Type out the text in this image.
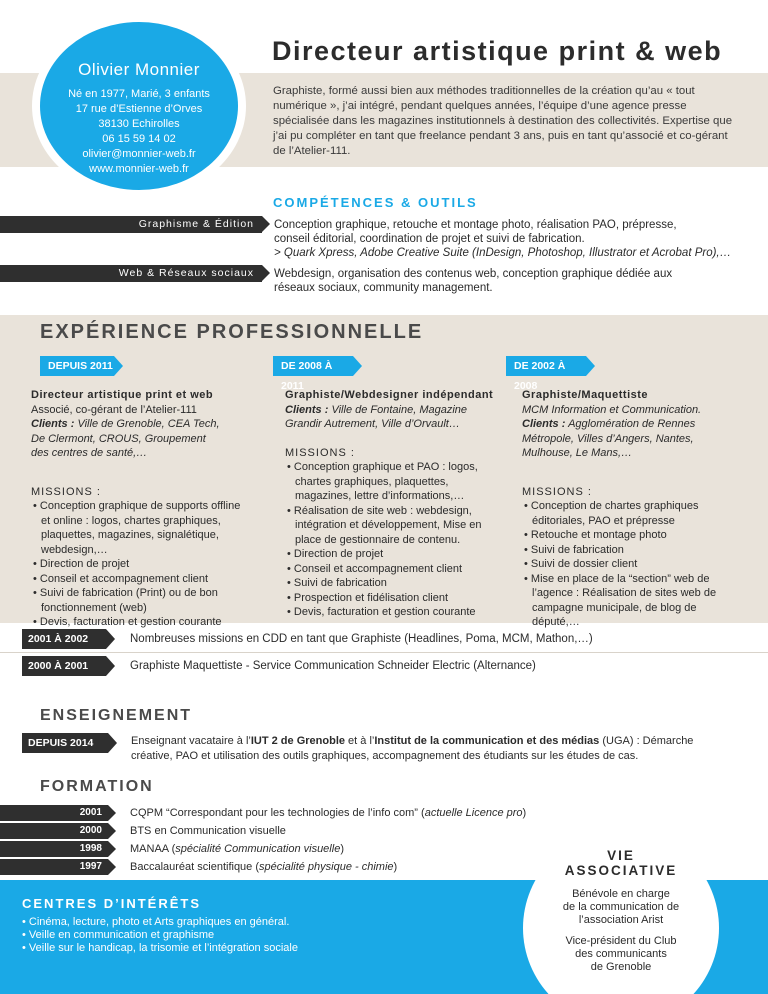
Directeur artistique print & web
Graphiste, formé aussi bien aux méthodes traditionnelles de la création qu’au « tout numérique », j’ai intégré, pendant quelques années, l’équipe d’une agence presse spécialisée dans les magazines institutionnels à destination des collectivités. Expertise que j’ai pu compléter en tant que freelance pendant 3 ans, puis en tant qu’associé et co-gérant de l’Atelier-111.
Olivier Monnier
Né en 1977, Marié, 3 enfants
17 rue d’Estienne d’Orves
38130 Echirolles
06 15 59 14 02
olivier@monnier-web.fr
www.monnier-web.fr
COMPÉTENCES & OUTILS
Graphisme & Édition	Conception graphique, retouche et montage photo, réalisation PAO, prépresse,
conseil éditorial, coordination de projet et suivi de fabrication.
> Quark Xpress, Adobe Creative Suite (InDesign, Photoshop, Illustrator et Acrobat Pro),…
Web & Réseaux sociaux	Webdesign, organisation des contenus web, conception graphique dédiée aux
réseaux sociaux, community management.
EXPÉRIENCE PROFESSIONNELLE
DEPUIS 2011	DE 2008 À 2011
DE 2002 À 2008
Directeur artistique print et web
Associé, co-gérant de l’Atelier-111
Clients : Ville de Grenoble, CEA Tech,
De Clermont, CROUS, Groupement
des centres de santé,…
MISSIONS :
• Conception graphique de supports offline et online : logos, chartes graphiques, plaquettes, magazines, signalétique, webdesign,…
• Direction de projet
• Conseil et accompagnement client
• Suivi de fabrication (Print) ou de bon fonctionnement (web)
• Devis, facturation et gestion courante
Graphiste/Webdesigner indépendant
Clients : Ville de Fontaine, Magazine
Grandir Autrement, Ville d’Orvault…
MISSIONS :
• Conception graphique et PAO : logos, chartes graphiques, plaquettes, magazines, lettre d’informations,…
• Réalisation de site web : webdesign, intégration et développement, Mise en place de gestionnaire de contenu.
• Direction de projet
• Conseil et accompagnement client
• Suivi de fabrication
• Prospection et fidélisation client
• Devis, facturation et gestion courante
Graphiste/Maquettiste
MCM Information et Communication.
Clients : Agglomération de Rennes
Métropole, Villes d’Angers, Nantes,
Mulhouse, Le Mans,…
MISSIONS :
• Conception de chartes graphiques éditoriales, PAO et prépresse
• Retouche et montage photo
• Suivi de fabrication
• Suivi de dossier client
• Mise en place de la “section” web de l’agence : Réalisation de sites web de campagne municipale, de blog de député,…
2001 À 2002	Nombreuses missions en CDD en tant que Graphiste (Headlines, Poma, MCM, Mathon,…)
2000 À 2001	Graphiste Maquettiste - Service Communication Schneider Electric (Alternance)
ENSEIGNEMENT
DEPUIS 2014	Enseignant vacataire à l’IUT 2 de Grenoble et à l’Institut de la communication et des médias (UGA) : Démarche
créative, PAO et utilisation des outils graphiques, accompagnement des étudiants sur les études de cas.
FORMATION
2001	CQPM “Correspondant pour les technologies de l’info com” (actuelle Licence pro)
2000	BTS en Communication visuelle
1998	MANAA (spécialité Communication visuelle)
1997	Baccalauréat scientifique (spécialité physique - chimie)
CENTRES D’INTÉRÊTS
• Cinéma, lecture, photo et Arts graphiques en général.
• Veille en communication et graphisme
• Veille sur le handicap, la trisomie et l’intégration sociale
VIE
ASSOCIATIVE
Bénévole en charge
de la communication de
l’association Arist
Vice-président du Club
des communicants
de Grenoble
